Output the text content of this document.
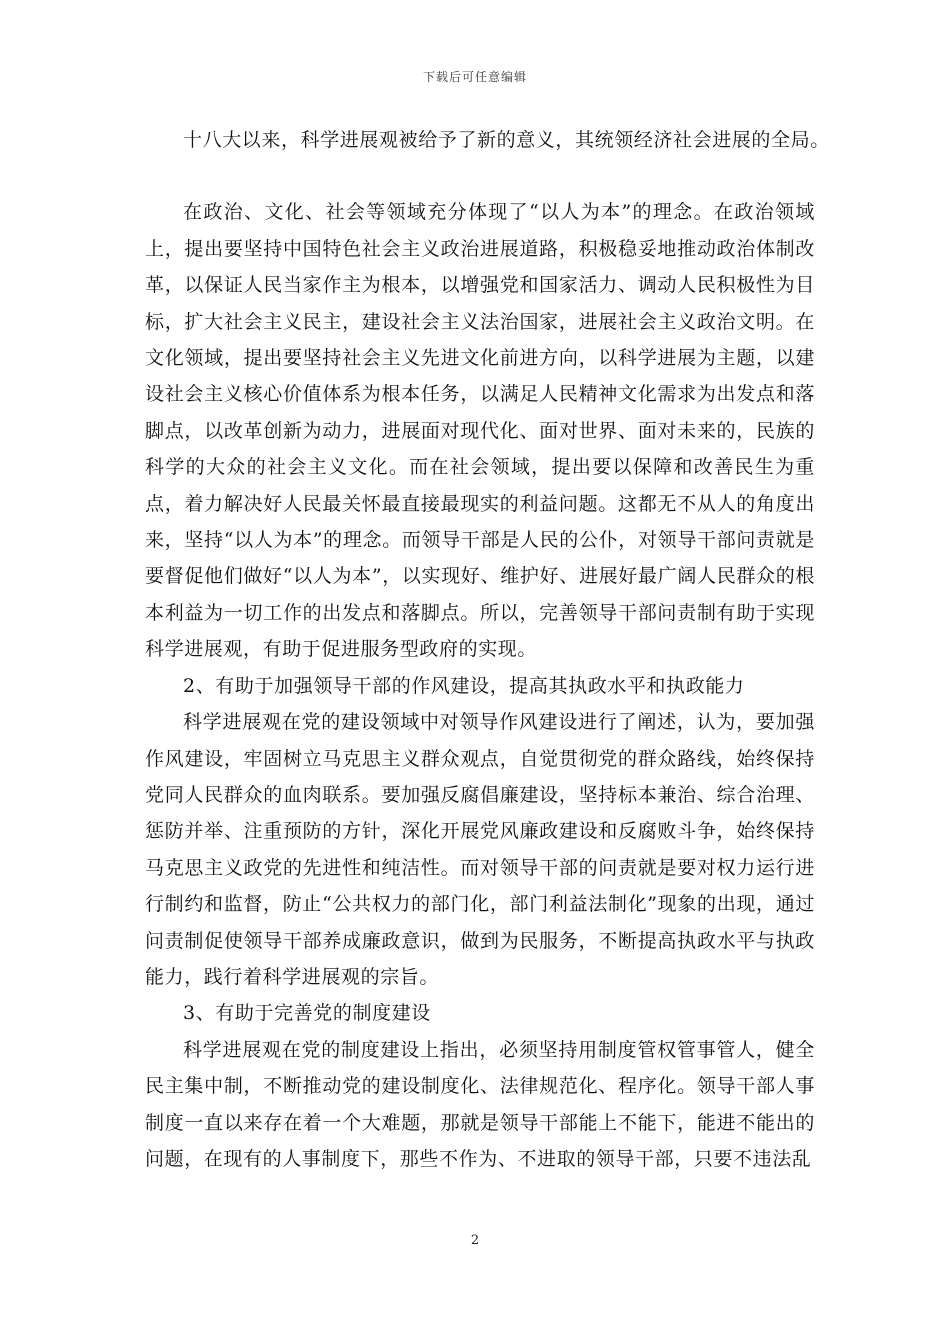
下载后可任意编辑

十八大以来，科学进展观被给予了新的意义，其统领经济社会进展的全局。

在政治、文化、社会等领域充分体现了“以人为本”的理念。在政治领域上，提出要坚持中国特色社会主义政治进展道路，积极稳妥地推动政治体制改革，以保证人民当家作主为根本，以增强党和国家活力、调动人民积极性为目标，扩大社会主义民主，建设社会主义法治国家，进展社会主义政治文明。在文化领域，提出要坚持社会主义先进文化前进方向，以科学进展为主题，以建设社会主义核心价值体系为根本任务，以满足人民精神文化需求为出发点和落脚点，以改革创新为动力，进展面对现代化、面对世界、面对未来的，民族的科学的大众的社会主义文化。而在社会领域，提出要以保障和改善民生为重点，着力解决好人民最关怀最直接最现实的利益问题。这都无不从人的角度出来，坚持“以人为本”的理念。而领导干部是人民的公仆，对领导干部问责就是要督促他们做好“以人为本”，以实现好、维护好、进展好最广阔人民群众的根本利益为一切工作的出发点和落脚点。所以，完善领导干部问责制有助于实现科学进展观，有助于促进服务型政府的实现。

2、有助于加强领导干部的作风建设，提高其执政水平和执政能力

科学进展观在党的建设领域中对领导作风建设进行了阐述，认为，要加强作风建设，牢固树立马克思主义群众观点，自觉贯彻党的群众路线，始终保持党同人民群众的血肉联系。要加强反腐倡廉建设，坚持标本兼治、综合治理、惩防并举、注重预防的方针，深化开展党风廉政建设和反腐败斗争，始终保持马克思主义政党的先进性和纯洁性。而对领导干部的问责就是要对权力运行进行制约和监督，防止“公共权力的部门化，部门利益法制化”现象的出现，通过问责制促使领导干部养成廉政意识，做到为民服务，不断提高执政水平与执政能力，践行着科学进展观的宗旨。

3、有助于完善党的制度建设

科学进展观在党的制度建设上指出，必须坚持用制度管权管事管人，健全民主集中制，不断推动党的建设制度化、法律规范化、程序化。领导干部人事制度一直以来存在着一个大难题，那就是领导干部能上不能下，能进不能出的问题，在现有的人事制度下，那些不作为、不进取的领导干部，只要不违法乱

2
